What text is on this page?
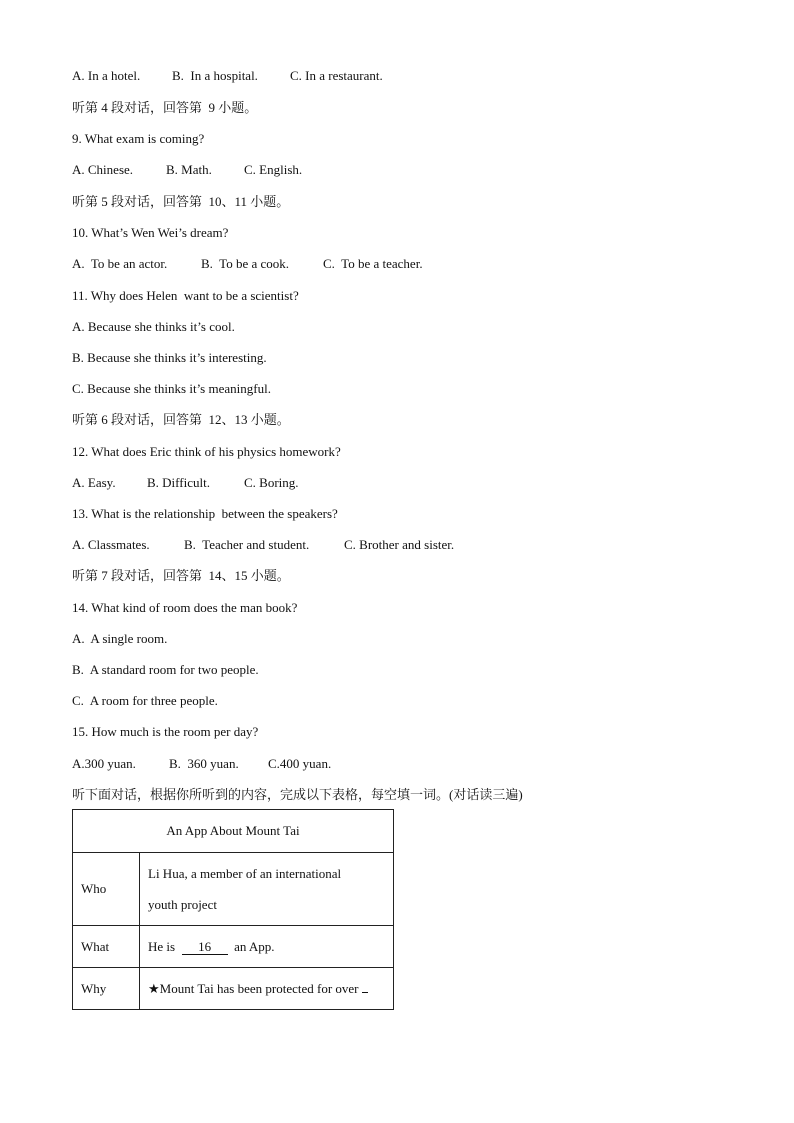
A. In a hotel. B.  In a hospital. C. In a restaurant.
听第 4 段对话，回答第  9 小题。
9. What exam is coming?
A. Chinese.	B. Math. C. English.
听第 5 段对话，回答第  10、11 小题。
10. What’s Wen Wei’s dream?
A.  To be an actor.	B.  To be a cook.	C.  To be a teacher.
11. Why does Helen  want to be a scientist?
A. Because she thinks it’s cool.
B. Because she thinks it’s interesting.
C. Because she thinks it’s meaningful.
听第 6 段对话，回答第  12、13 小题。
12. What does Eric think of his physics homework?
A. Easy. B. Difficult.	C. Boring.
13. What is the relationship  between the speakers?
A. Classmates.	B.  Teacher and student.	C. Brother and sister.
听第 7 段对话，回答第  14、15 小题。
14. What kind of room does the man book?
A.  A single room.
B.  A standard room for two people.
C.  A room for three people.
15. How much is the room per day?
A.300 yuan.	B.  360 yuan. C.400 yuan.
听下面对话，根据你所听到的内容，完成以下表格，每空填一词。(对话读三遍)
An App About Mount Tai	
Who	Li Hua, a member of an international
youth project
What	He is  16  an App.
Why	★Mount Tai has been protected for over
